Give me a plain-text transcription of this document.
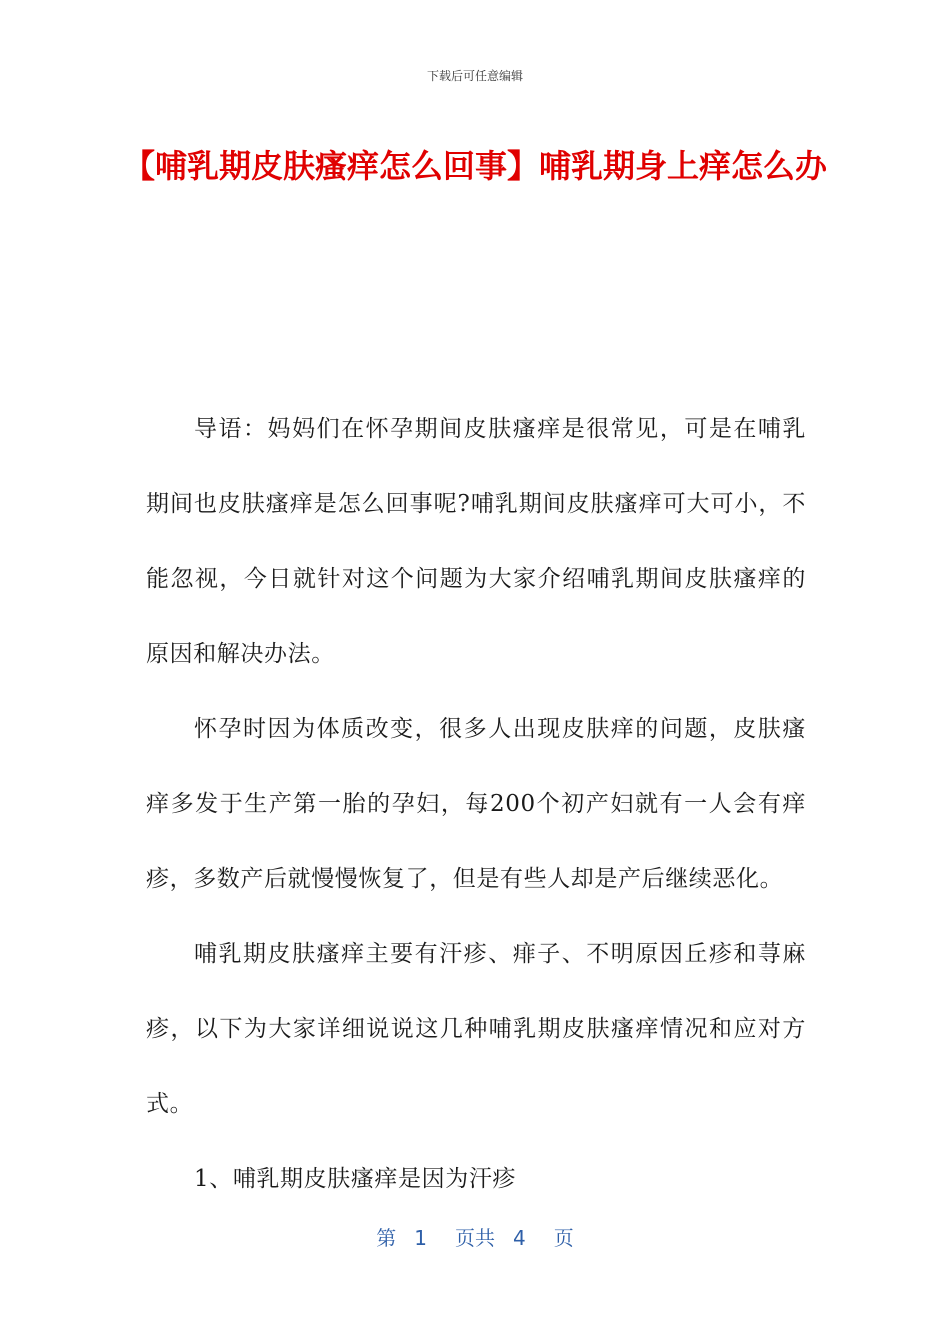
下载后可任意编辑
【哺乳期皮肤瘙痒怎么回事】哺乳期身上痒怎么办

导语：妈妈们在怀孕期间皮肤瘙痒是很常见，可是在哺乳期间也皮肤瘙痒是怎么回事呢?哺乳期间皮肤瘙痒可大可小，不能忽视，今日就针对这个问题为大家介绍哺乳期间皮肤瘙痒的原因和解决办法。

怀孕时因为体质改变，很多人出现皮肤痒的问题，皮肤瘙痒多发于生产第一胎的孕妇，每200个初产妇就有一人会有痒疹，多数产后就慢慢恢复了，但是有些人却是产后继续恶化。

哺乳期皮肤瘙痒主要有汗疹、痱子、不明原因丘疹和荨麻疹，以下为大家详细说说这几种哺乳期皮肤瘙痒情况和应对方式。

1、哺乳期皮肤瘙痒是因为汗疹

第 1 页共 4 页
